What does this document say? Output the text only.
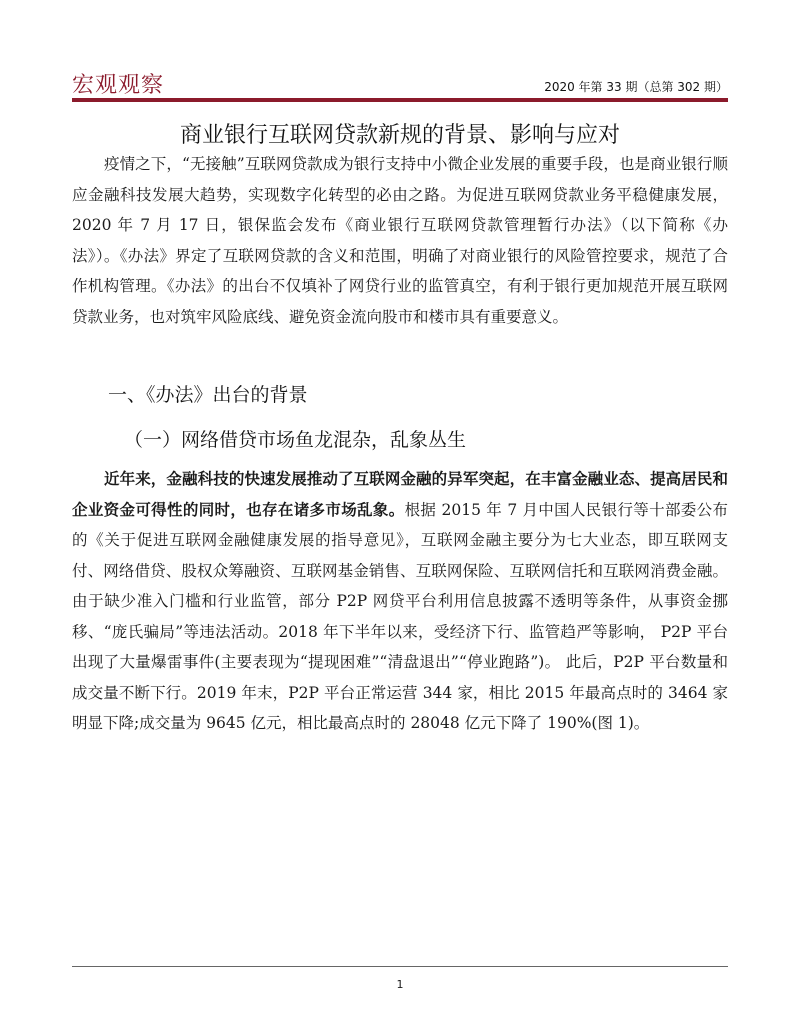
宏观观察	2020 年第 33 期（总第 302 期）
商业银行互联网贷款新规的背景、影响与应对

疫情之下，“无接触”互联网贷款成为银行支持中小微企业发展的重要手段，也是商业银行顺应金融科技发展大趋势，实现数字化转型的必由之路。为促进互联网贷款业务平稳健康发展，2020 年 7 月 17 日，银保监会发布《商业银行互联网贷款管理暂行办法》（以下简称《办法》）。《办法》界定了互联网贷款的含义和范围，明确了对商业银行的风险管控要求，规范了合作机构管理。《办法》的出台不仅填补了网贷行业的监管真空，有利于银行更加规范开展互联网贷款业务，也对筑牢风险底线、避免资金流向股市和楼市具有重要意义。

一、《办法》出台的背景
（一）网络借贷市场鱼龙混杂，乱象丛生

近年来，金融科技的快速发展推动了互联网金融的异军突起，在丰富金融业态、提高居民和企业资金可得性的同时，也存在诸多市场乱象。根据 2015 年 7 月中国人民银行等十部委公布的《关于促进互联网金融健康发展的指导意见》，互联网金融主要分为七大业态，即互联网支付、网络借贷、股权众筹融资、互联网基金销售、互联网保险、互联网信托和互联网消费金融。由于缺少准入门槛和行业监管，部分 P2P 网贷平台利用信息披露不透明等条件，从事资金挪移、“庞氏骗局”等违法活动。2018 年下半年以来，受经济下行、监管趋严等影响， P2P 平台出现了大量爆雷事件(主要表现为“提现困难”“清盘退出”“停业跑路”)。 此后，P2P 平台数量和成交量不断下行。2019 年末，P2P 平台正常运营 344 家，相比 2015 年最高点时的 3464 家明显下降;成交量为 9645 亿元，相比最高点时的 28048 亿元下降了 190%(图 1)。

1
